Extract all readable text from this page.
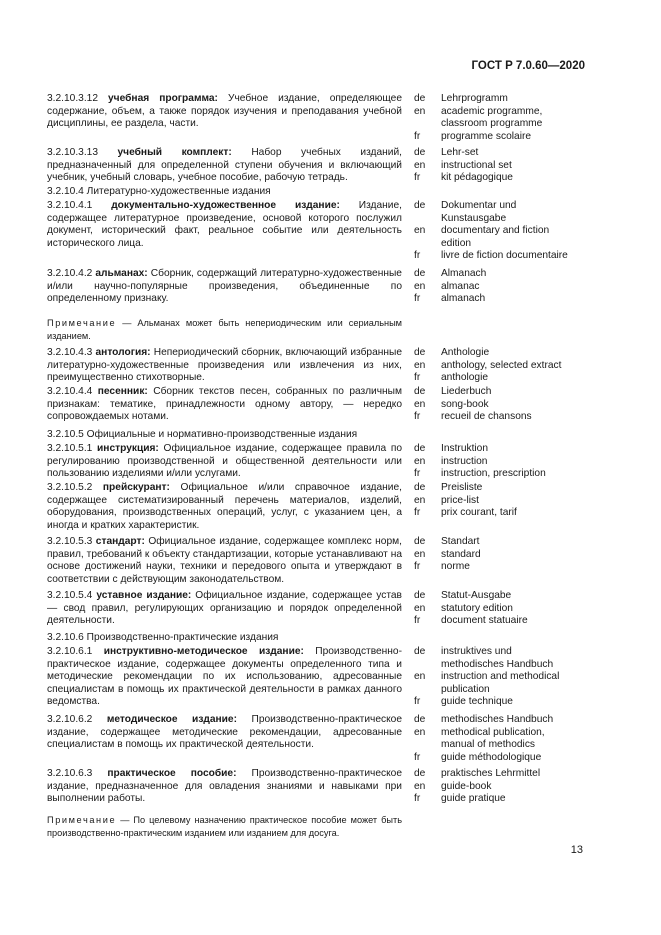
ГОСТ Р 7.0.60—2020

3.2.10.3.12 учебная программа: Учебное издание, определяющее содержание, объем, а также порядок изучения и преподавания учебной дисциплины, ее раздела, части.

de	Lehrprogramm
en	academic programme,
classroom programme
fr	programme scolaire

3.2.10.3.13 учебный комплект: Набор учебных изданий, предназначенный для определенной ступени обучения и включающий учебник, учебный словарь, учебное пособие, рабочую тетрадь.

de	Lehr-set
en	instructional set
fr	kit pédagogique

3.2.10.4 Литературно-художественные издания

3.2.10.4.1 документально-художественное издание: Издание, содержащее литературное произведение, основой которого послужил документ, исторический факт, реальное событие или деятельность исторического лица.

de	Dokumentar und
Kunstausgabe
en	documentary and fiction
edition
fr	livre de fiction documentaire

3.2.10.4.2 альманах: Сборник, содержащий литературно-художественные и/или научно-популярные произведения, объединенные по определенному признаку.

de	Almanach
en	almanac
fr	almanach

Примечание — Альманах может быть непериодическим или сериальным изданием.

3.2.10.4.3 антология: Непериодический сборник, включающий избранные литературно-художественные произведения или извлечения из них, преимущественно стихотворные.

de	Anthologie
en	anthology, selected extract
fr	anthologie

3.2.10.4.4 песенник: Сборник текстов песен, собранных по различным признакам: тематике, принадлежности одному автору, — нередко сопровождаемых нотами.

de	Liederbuch
en	song-book
fr	recueil de chansons

3.2.10.5 Официальные и нормативно-производственные издания

3.2.10.5.1 инструкция: Официальное издание, содержащее правила по регулированию производственной и общественной деятельности или пользованию изделиями и/или услугами.

de	Instruktion
en	instruction
fr	instruction, prescription

3.2.10.5.2 прейскурант: Официальное и/или справочное издание, содержащее систематизированный перечень материалов, изделий, оборудования, производственных операций, услуг, с указанием цен, а иногда и кратких характеристик.

de	Preisliste
en	price-list
fr	prix courant, tarif

3.2.10.5.3 стандарт: Официальное издание, содержащее комплекс норм, правил, требований к объекту стандартизации, которые устанавливают на основе достижений науки, техники и передового опыта и утверждают в соответствии с действующим законодательством.

de	Standart
en	standard
fr	norme

3.2.10.5.4 уставное издание: Официальное издание, содержащее устав — свод правил, регулирующих организацию и порядок определенной деятельности.

de	Statut-Ausgabe
en	statutory edition
fr	document statuaire

3.2.10.6 Производственно-практические издания

3.2.10.6.1 инструктивно-методическое издание: Производственно-практическое издание, содержащее документы определенного типа и методические рекомендации по их использованию, адресованные специалистам в помощь их практической деятельности в рамках данного ведомства.

de	instruktives und
methodisches Handbuch
en	instruction and methodical
publication
fr	guide technique

3.2.10.6.2 методическое издание: Производственно-практическое издание, содержащее методические рекомендации, адресованные специалистам в помощь их практической деятельности.

de	methodisches Handbuch
en	methodical publication,
manual of methodics
fr	guide méthodologique

3.2.10.6.3 практическое пособие: Производственно-практическое издание, предназначенное для овладения знаниями и навыками при выполнении работы.

de	praktisches Lehrmittel
en	guide-book
fr	guide pratique

Примечание — По целевому назначению практическое пособие может быть производственно-практическим изданием или изданием для досуга.

13
